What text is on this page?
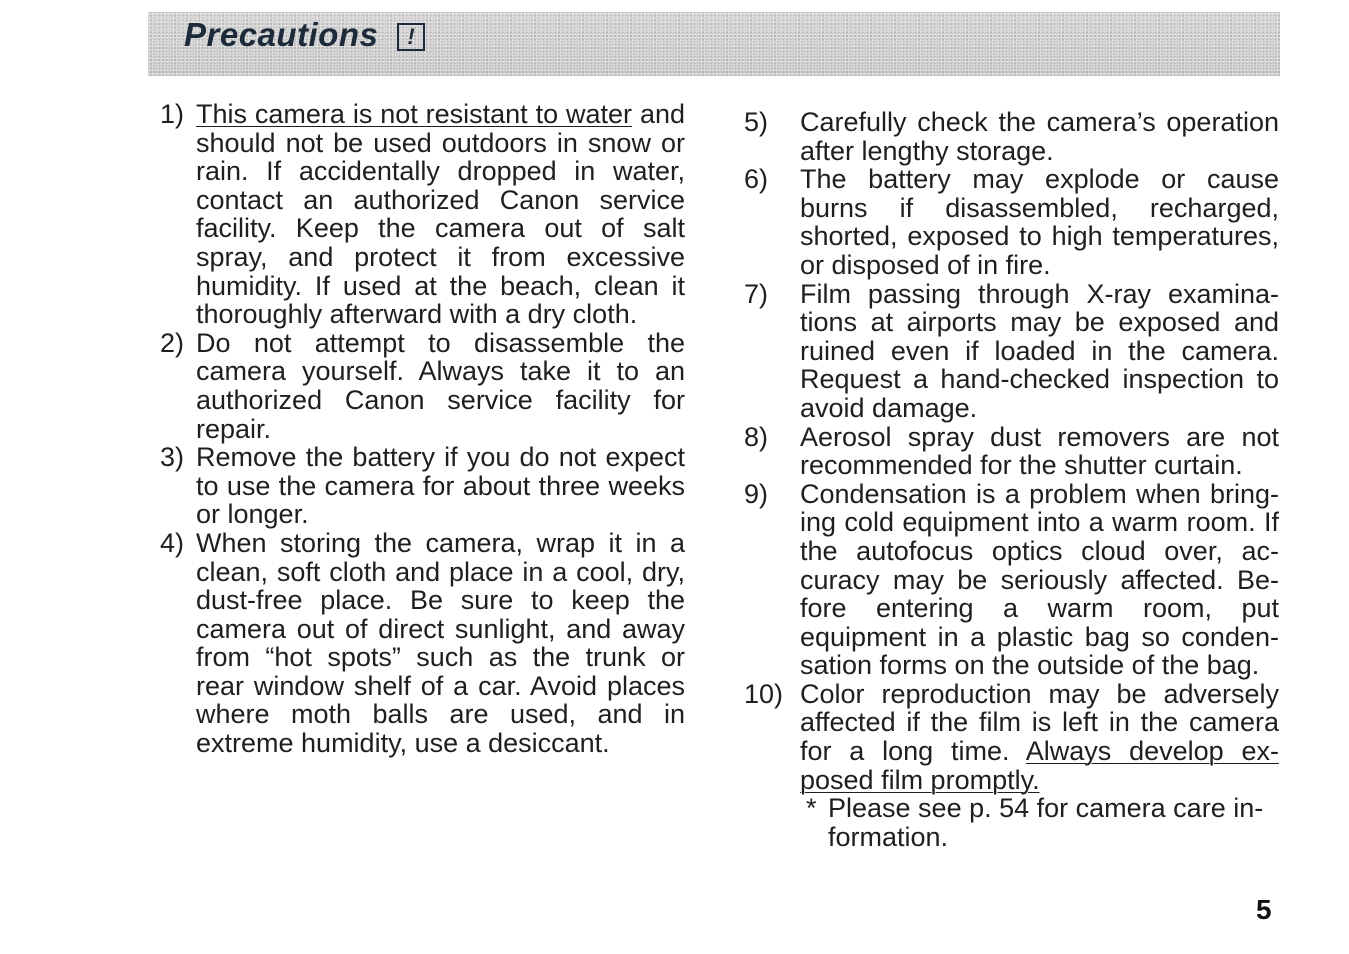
Precautions	!
1) This camera is not resistant to water and should not be used outdoors in snow or rain. If accidentally dropped in water, contact an authorized Canon service facility. Keep the camera out of salt spray, and protect it from excessive humidity. If used at the beach, clean it thoroughly afterward with a dry cloth.
2) Do not attempt to disassemble the camera yourself. Always take it to an authorized Canon service facility for repair.
3) Remove the battery if you do not expect to use the camera for about three weeks or longer.
4) When storing the camera, wrap it in a clean, soft cloth and place in a cool, dry, dust-free place. Be sure to keep the camera out of direct sunlight, and away from “hot spots” such as the trunk or rear window shelf of a car. Avoid places where moth balls are used, and in extreme humidity, use a desiccant.
5)	Carefully check the camera’s operation after lengthy storage.
6)	The battery may explode or cause burns if disassembled, recharged, shorted, exposed to high temperatures, or disposed of in fire.
7)	Film passing through X-ray examinations at airports may be exposed and ruined even if loaded in the camera. Request a hand-checked inspection to avoid damage.
8)	Aerosol spray dust removers are not recommended for the shutter curtain.
9)	Condensation is a problem when bringing cold equipment into a warm room. If the autofocus optics cloud over, accuracy may be seriously affected. Before entering a warm room, put equipment in a plastic bag so condensation forms on the outside of the bag.
10) Color reproduction may be adversely affected if the film is left in the camera for a long time. Always develop exposed film promptly.
* Please see p. 54 for camera care information.
5
